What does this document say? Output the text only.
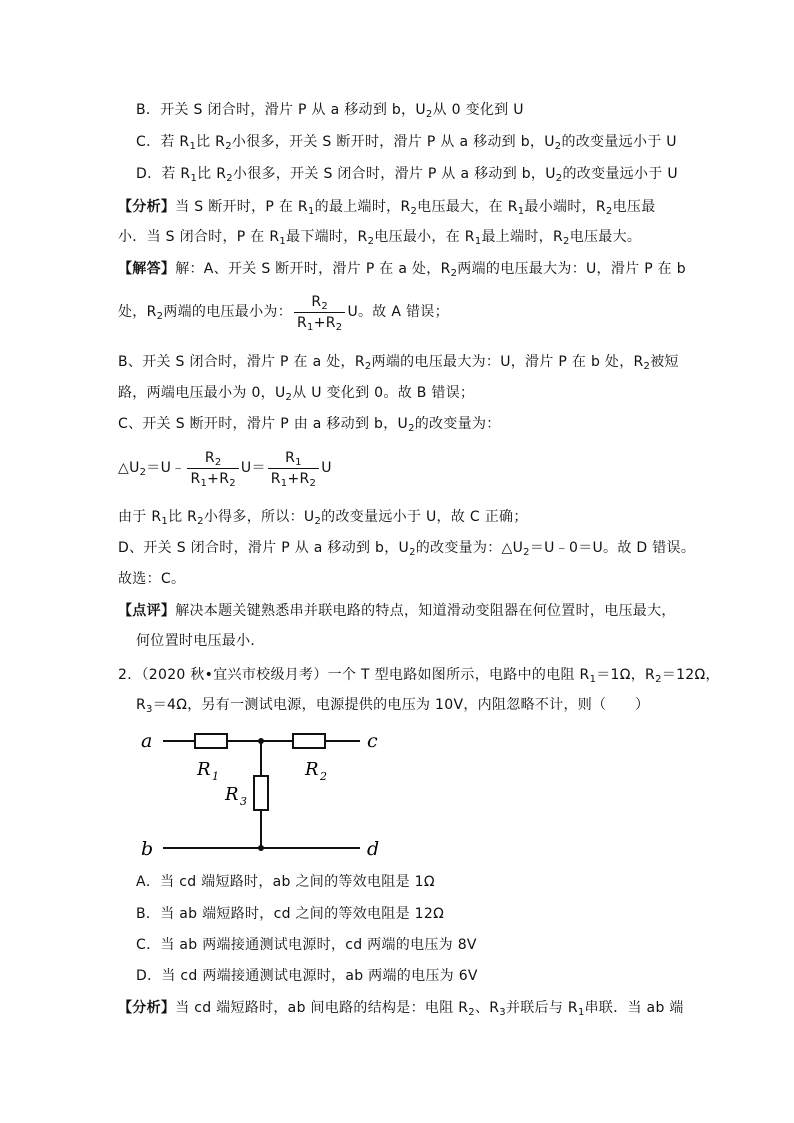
B．开关 S 闭合时，滑片 P 从 a 移动到 b，$U_2$从 0 变化到 U
C．若 $R_1$比 $R_2$小很多，开关 S 断开时，滑片 P 从 a 移动到 b，$U_2$的改变量远小于 U
D．若 $R_1$比 $R_2$小很多，开关 S 闭合时，滑片 P 从 a 移动到 b，$U_2$的改变量远小于 U
【分析】当 S 断开时，P 在 $R_1$的最上端时，$R_2$电压最大，在 $R_1$最小端时，$R_2$电压最
小．当 S 闭合时，P 在 $R_1$最下端时，$R_2$电压最小，在 $R_1$最上端时，$R_2$电压最大。
【解答】解：A、开关 S 断开时，滑片 P 在 a 处，$R_2$两端的电压最大为：U，滑片 P 在 b
处，$R_2$两端的电压最小为： $\frac{R_2}{R_1+R_2}$ U。故 A 错误；
B、开关 S 闭合时，滑片 P 在 a 处，$R_2$两端的电压最大为：U，滑片 P 在 b 处，$R_2$被短
路，两端电压最小为 0，$U_2$从 U 变化到 0。故 B 错误；
C、开关 S 断开时，滑片 P 由 a 移动到 b，$U_2$的改变量为：
$\triangle U_2=U﹣ \frac{R_2}{R_1+R_2} U= \frac{R_1}{R_1+R_2}$ U
由于 $R_1$比 $R_2$小得多，所以：$U_2$的改变量远小于 U，故 C 正确；
D、开关 S 闭合时，滑片 P 从 a 移动到 b，$U_2$的改变量为：$\triangle U_2=U﹣0=U$。故 D 错误。
故选：C。
【点评】解决本题关键熟悉串并联电路的特点，知道滑动变阻器在何位置时，电压最大，
何位置时电压最小．
2．（2020 秋•宜兴市校级月考）一个 T 型电路如图所示，电路中的电阻 $R_1=1\Omega$，$R_2=12\Omega$，
$R_3=4\Omega$，另有一测试电源，电源提供的电压为 10V，内阻忽略不计，则（　　）
a	c
b	d
R 1	R 2
R 3
A．当 cd 端短路时，ab 之间的等效电阻是 1Ω
B．当 ab 端短路时，cd 之间的等效电阻是 12Ω
C．当 ab 两端接通测试电源时，cd 两端的电压为 8V
D．当 cd 两端接通测试电源时，ab 两端的电压为 6V
【分析】当 cd 端短路时，ab 间电路的结构是：电阻 $R_2$、$R_3$并联后与 $R_1$串联．当 ab 端
